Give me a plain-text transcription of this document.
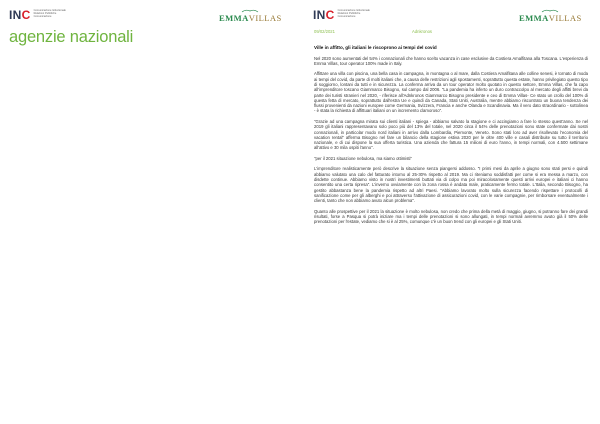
INC Comunicazione Istituzionale Relazioni Pubbliche Comunicazione	EMMAVILLAS
agenzie nazionali
INC Comunicazione Istituzionale Relazioni Pubbliche Comunicazione	EMMAVILLAS
09/02/2021	Adnkronos
Ville in affitto, gli italiani le riscoprono ai tempi del covid

Nel 2020 sono aumentati del 54% i connazionali che hanno scelto vacanza in case esclusive da Costiera Amalfitana alla Toscana. L'esperienza di Emma Villas, tour operator 100% made in Italy.

Affittare una villa con piscina, una bella casa in campagna, in montagna o al mare, dalla Costiera Amalfitana alle colline senesi, è tornato di moda ai tempi del covid, da parte di molti italiani che, a causa delle restrizioni agli spostamenti, soprattutto questa estate, hanno privilegiato questo tipo di soggiorno, lontani da tutti e in sicurezza. La conferma arriva da un tour operator molto quotato in questo settore, Emma Villas, che fa capo all'imprenditore toscano Giammarco Bisogno, sul campo dal 2006. "La pandemia ha inferto un duro contraccolpo al mercato degli affitti brevi da parte dei turisti stranieri nel 2020, - riferisce all'Adnkronos Giammarco Bisogno presidente e ceo di Emma Villas- Ce stato un crollo del 100% di questa fetta di mercato, soprattutto dall'estra Ue e quindi da Canada, Stati Uniti, Australia, mentre abbiamo riscontrato un buona tendenza dei flussi provenienti da nazioni europee come Germania, Svizzera, Francia e anche Olanda e Scandinavia. Ma il vero dato straordinario - sottolinea - è stata la richiesta di affittuari italiani on un incremento clamoroso".

"Grazie ad una campagna mirata sui clienti italiani - spiega - abbiamo salvato la stagione e ci accingiamo a fare lo stesso quest'anno. Se nel 2019 gli italiani rappresentavano solo poco più del 13% del totale, nel 2020 circa il 54% delle prenotazioni sono state confermate dai nostri connazionali, in particolar modo nord italiani in arrivo dalla Lombardia, Piemonte, Veneto. Sono stati loro ad aver risollevato l'economia del vacation rental" afferma Bisogno nel fare un bilancio della stagione estiva 2020 per le oltre 400 ville e casali distribuite su tutto il territorio nazionale, e di cui dispone la sua offerta turistica. Una azienda che fattura 15 milioni di euro l'anno, in tempi normali, con 4.500 settimane all'attivo e 30 mila ospiti l'anno".

"per il 2021 situazione nebulosa, ma siamo ottimisti"

L'imprenditore realisticamente però descrive la situazione senza piangersi addosso. "I primi mesi da aprile a giugno sono stati persi e quindi abbiamo valutato una calo del fatturato intorno al 25-30% rispetto al 2019. Ma ci riteniamo soddisfatti per come si era messa a marzo, con disdette continue. Abbiamo visto in nostri investimenti buttati via di colpo ma poi miracolosamente questi arrivi europei e italiani ci hanno consentito una certa ripresa". L'inverno ovviamente con la zona rossa è andata male, praticamente fermo totale. L'Italia, secondo Bisogno, ha gestito abbastanza bene la pandemia rispetto ad altri Paesi. "Abbiamo lavorato molto sulla sicurezza facendo rispettare i protocolli di sanificazione come per gli alberghi e poi attraverso l'attivazione di assicurazioni covid, con le varie compagnie, per rimborsare eventualmente i clienti, tanto che non abbiamo avuto alcun problema".

Quanto alle prospettive per il 2021 la situazione è molto nebulosa, non credo che prima della metà di maggio, giugno, si potranno fare dei grandi risultati, forse a Pasqua si potrà iniziare ma i tempi delle prenotazioni si sono allungati, in tempi normali avremmo avuto già il 50% delle prenotazioni per l'estate, vediamo che si è al 25%, comunque c'è un buon trend con gli europei e gli Stati Uniti.
